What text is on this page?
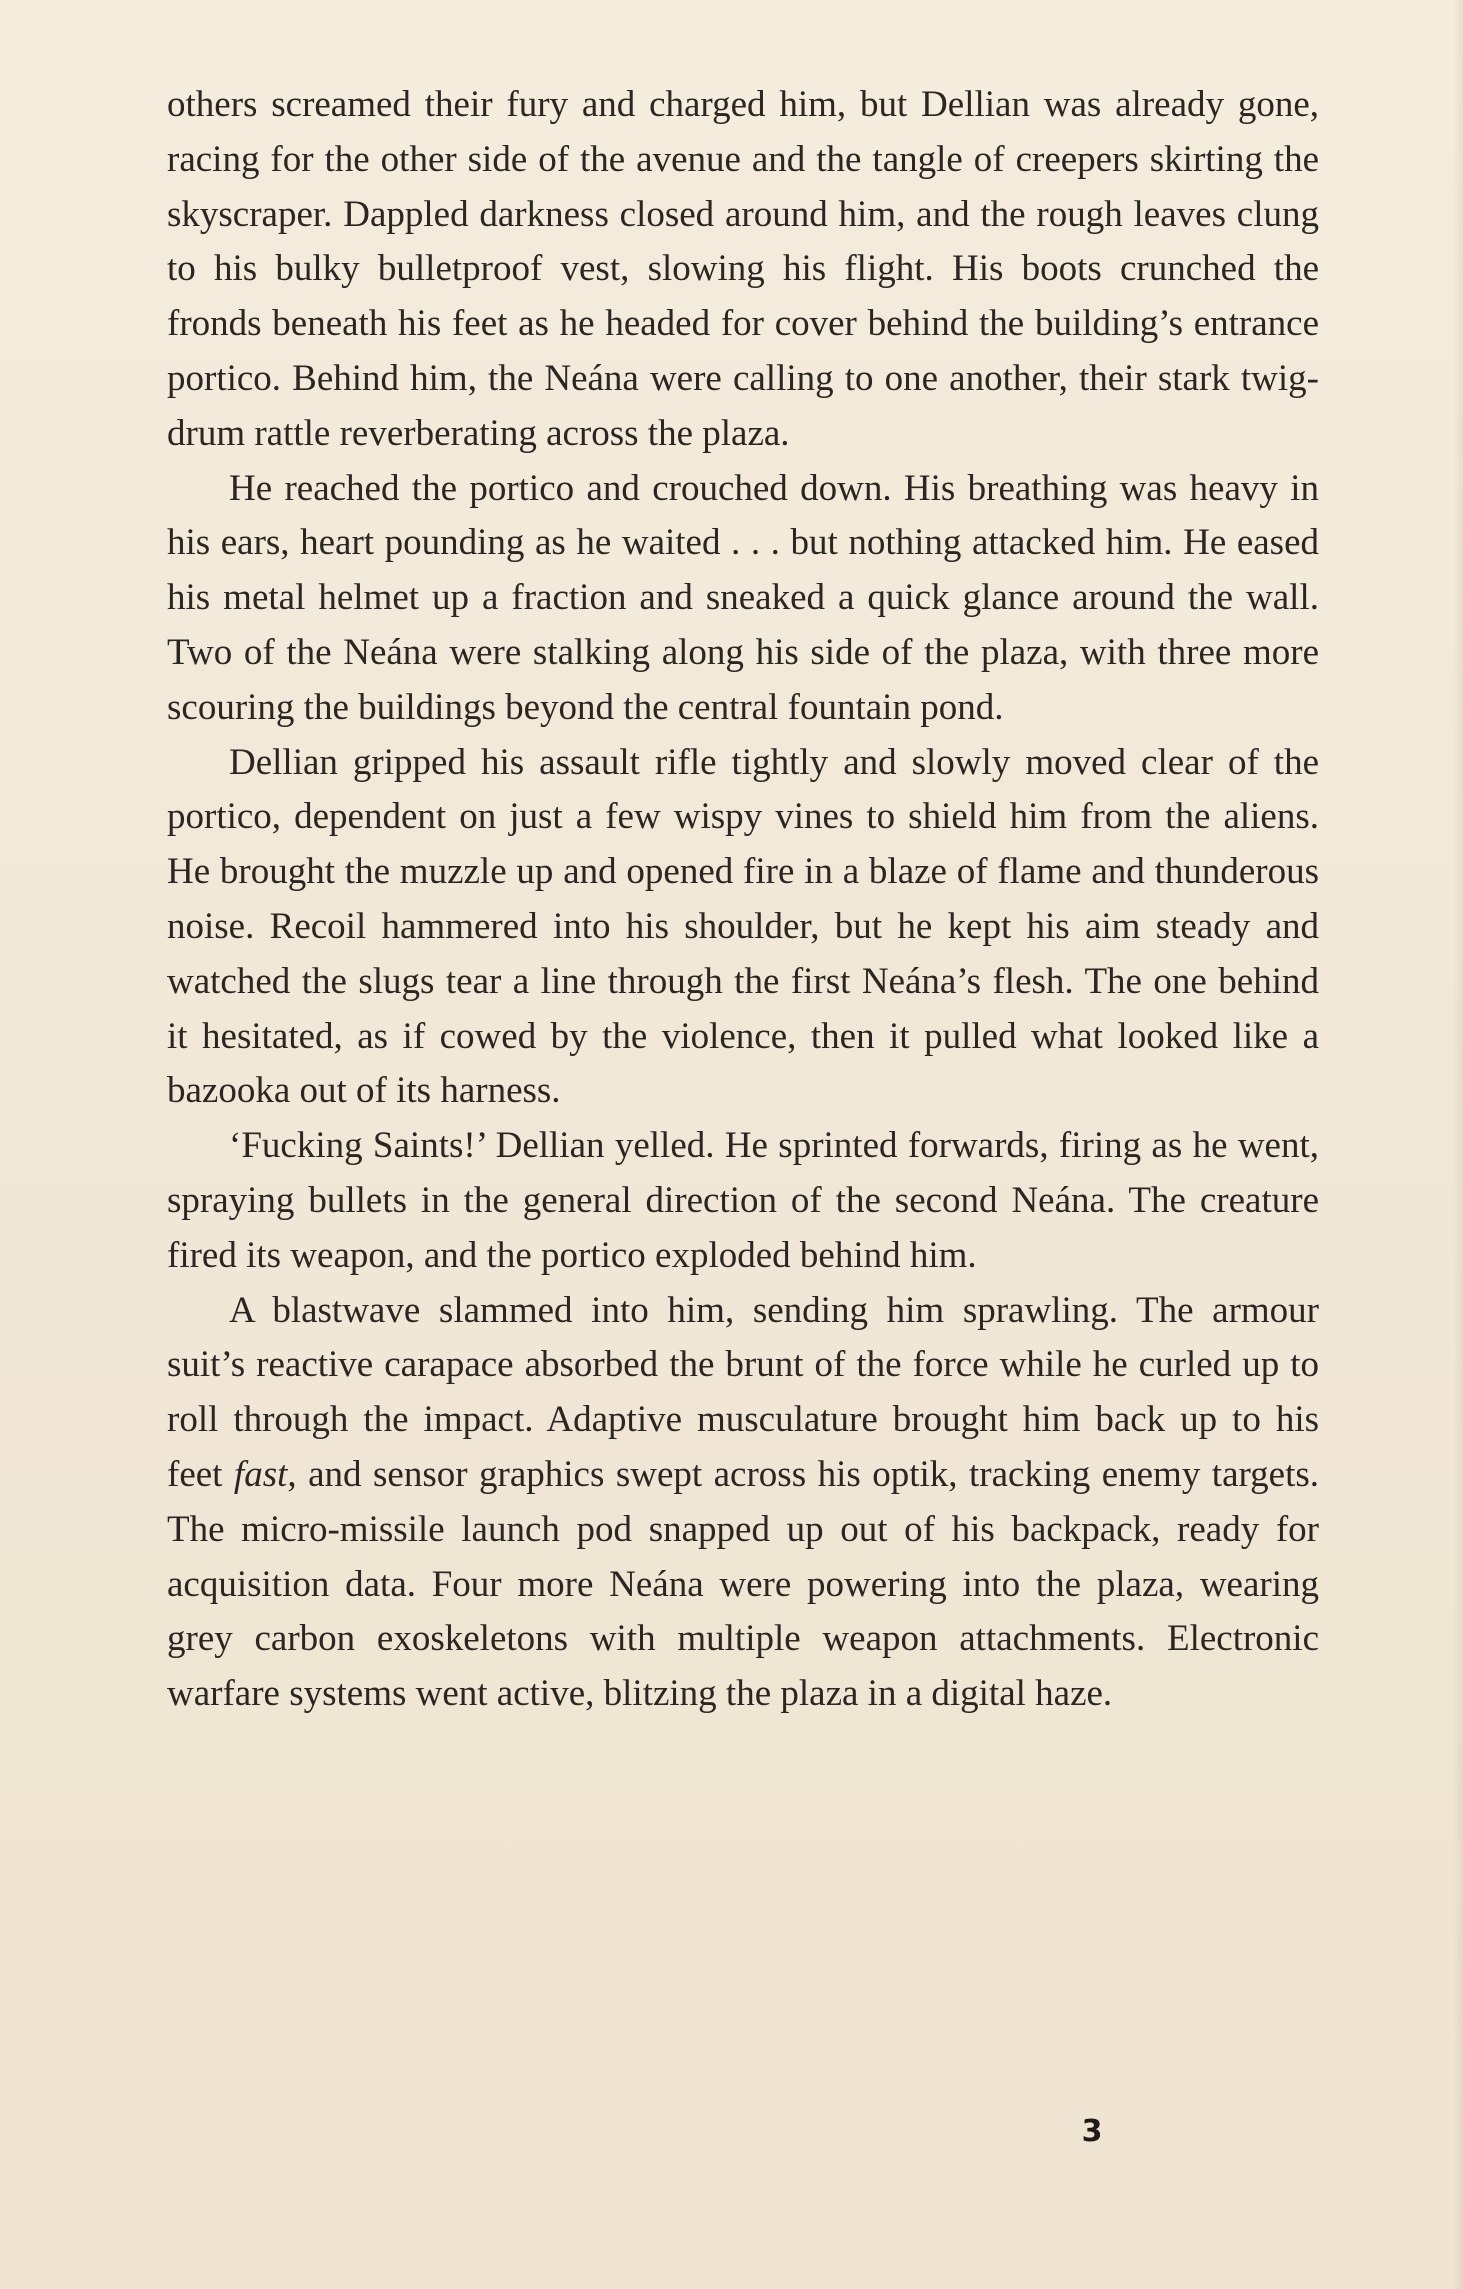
others screamed their fury and charged him, but Dellian was already gone, racing for the other side of the avenue and the tangle of creepers skirting the skyscraper. Dappled darkness closed around him, and the rough leaves clung to his bulky bulletproof vest, slowing his flight. His boots crunched the fronds beneath his feet as he headed for cover behind the building’s entrance portico. Behind him, the Neána were calling to one another, their stark twig-drum rattle reverberating across the plaza.

He reached the portico and crouched down. His breathing was heavy in his ears, heart pounding as he waited . . . but nothing attacked him. He eased his metal helmet up a fraction and sneaked a quick glance around the wall. Two of the Neána were stalking along his side of the plaza, with three more scouring the buildings beyond the central fountain pond.

Dellian gripped his assault rifle tightly and slowly moved clear of the portico, dependent on just a few wispy vines to shield him from the aliens. He brought the muzzle up and opened fire in a blaze of flame and thunderous noise. Recoil hammered into his shoulder, but he kept his aim steady and watched the slugs tear a line through the first Neána’s flesh. The one behind it hesitated, as if cowed by the violence, then it pulled what looked like a bazooka out of its harness.

‘Fucking Saints!’ Dellian yelled. He sprinted forwards, firing as he went, spraying bullets in the general direction of the second Neána. The creature fired its weapon, and the portico exploded behind him.

A blastwave slammed into him, sending him sprawling. The armour suit’s reactive carapace absorbed the brunt of the force while he curled up to roll through the impact. Adaptive musculature brought him back up to his feet fast, and sensor graphics swept across his optik, tracking enemy targets. The micro-missile launch pod snapped up out of his backpack, ready for acquisition data. Four more Neána were powering into the plaza, wearing grey carbon exoskeletons with multiple weapon attachments. Electronic warfare systems went active, blitzing the plaza in a digital haze.

3
